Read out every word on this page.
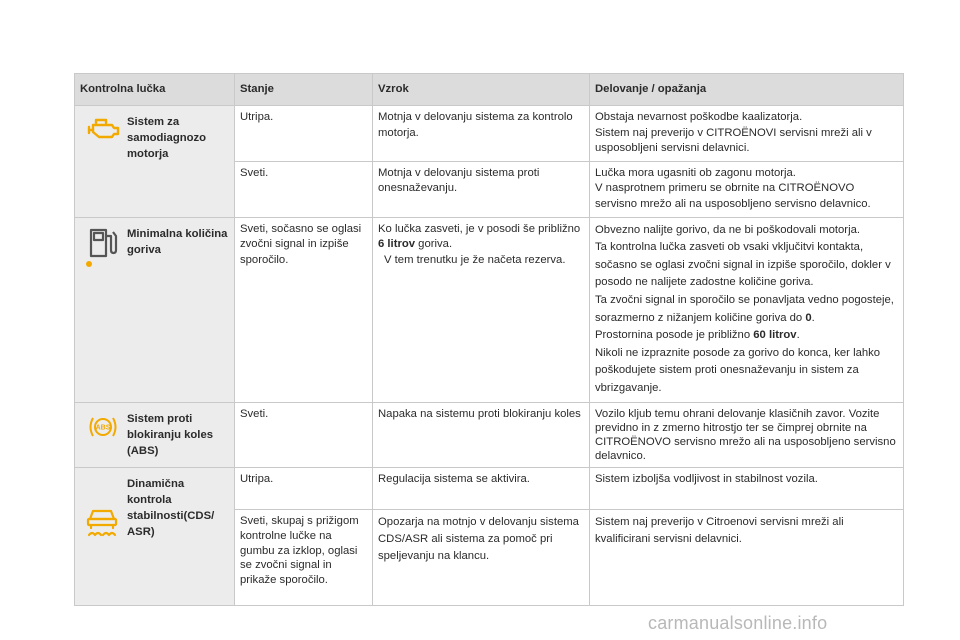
Kontrolna lučka	Stanje	Vzrok	Delovanje / opažanja

Sistem za samodiagnozo motorja	Utripa.	Motnja v delovanju sistema za kontrolo motorja.	Obstaja nevarnost poškodbe kaalizatorja.
Sistem naj preverijo v CITROËNOVI servisni mreži ali v usposobljeni servisni delavnici.

	Sveti.	Motnja v delovanju sistema proti onesnaževanju.	Lučka mora ugasniti ob zagonu motorja.
V nasprotnem primeru se obrnite na CITROËNOVO servisno mrežo ali na usposobljeno servisno delavnico.

Minimalna količina goriva	Sveti, sočasno se oglasi zvočni signal in izpiše sporočilo.	Ko lučka zasveti, je v posodi še približno 6 litrov goriva.
V tem trenutku je že načeta rezerva.	Obvezno nalijte gorivo, da ne bi poškodovali motorja.
Ta kontrolna lučka zasveti ob vsaki vključitvi kontakta, sočasno se oglasi zvočni signal in izpiše sporočilo, dokler v posodo ne nalijete zadostne količine goriva.
Ta zvočni signal in sporočilo se ponavljata vedno pogosteje, sorazmerno z nižanjem količine goriva do 0.
Prostornina posode je približno 60 litrov.
Nikoli ne izpraznite posode za gorivo do konca, ker lahko poškodujete sistem proti onesnaževanju in sistem za vbrizgavanje.

ABS
Sistem proti blokiranju koles (ABS)	Sveti.	Napaka na sistemu proti blokiranju koles	Vozilo kljub temu ohrani delovanje klasičnih zavor. Vozite previdno in z zmerno hitrostjo ter se čimprej obrnite na CITROËNOVO servisno mrežo ali na usposobljeno servisno delavnico.

Dinamična kontrola stabilnosti(CDS/ ASR)	Utripa.	Regulacija sistema se aktivira.	Sistem izboljša vodljivost in stabilnost vozila.
	Sveti, skupaj s prižigom kontrolne lučke na gumbu za izklop, oglasi se zvočni signal in prikaže sporočilo.	Opozarja na motnjo v delovanju sistema CDS/ASR ali sistema za pomoč pri speljevanju na klancu.	Sistem naj preverijo v Citroenovi servisni mreži ali kvalificirani servisni delavnici.
carmanualsonline.info
